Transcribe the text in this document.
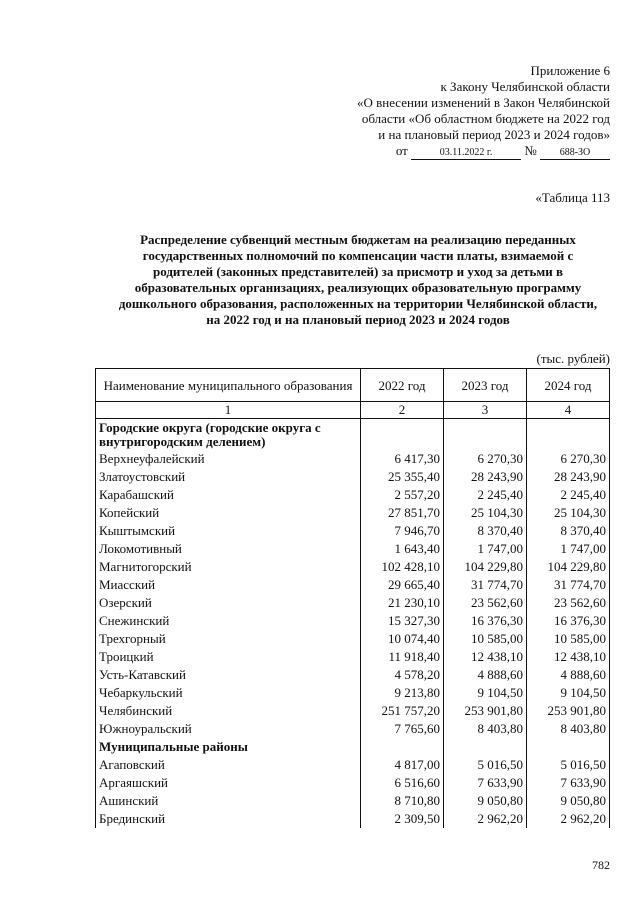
Приложение 6
к Закону Челябинской области
«О внесении изменений в Закон Челябинской
области «Об областном бюджете на 2022 год
и на плановый период 2023 и 2024 годов»
от	03.11.2022 г. № 688-ЗО
«Таблица 113
Распределение субвенций местным бюджетам на реализацию переданных
государственных полномочий по компенсации части платы, взимаемой с
родителей (законных представителей) за присмотр и уход за детьми в
образовательных организациях, реализующих образовательную программу
дошкольного образования, расположенных на территории Челябинской области,
на 2022 год и на плановый период 2023 и 2024 годов
(тыс. рублей)
Наименование муниципального образования	2022 год	2023 год	2024 год
1	2	3	4
Городские округа (городские округа с внутригородским делением)			
Верхнеуфалейский	6 417,30	6 270,30	6 270,30
Златоустовский	25 355,40	28 243,90	28 243,90
Карабашский	2 557,20	2 245,40	2 245,40
Копейский	27 851,70	25 104,30	25 104,30
Кыштымский	7 946,70	8 370,40	8 370,40
Локомотивный	1 643,40	1 747,00	1 747,00
Магнитогорский	102 428,10	104 229,80	104 229,80
Миасский	29 665,40	31 774,70	31 774,70
Озерский	21 230,10	23 562,60	23 562,60
Снежинский	15 327,30	16 376,30	16 376,30
Трехгорный	10 074,40	10 585,00	10 585,00
Троицкий	11 918,40	12 438,10	12 438,10
Усть-Катавский	4 578,20	4 888,60	4 888,60
Чебаркульский	9 213,80	9 104,50	9 104,50
Челябинский	251 757,20	253 901,80	253 901,80
Южноуральский	7 765,60	8 403,80	8 403,80
Муниципальные районы			
Агаповский	4 817,00	5 016,50	5 016,50
Аргаяшский	6 516,60	7 633,90	7 633,90
Ашинский	8 710,80	9 050,80	9 050,80
Брединский	2 309,50	2 962,20	2 962,20
782
